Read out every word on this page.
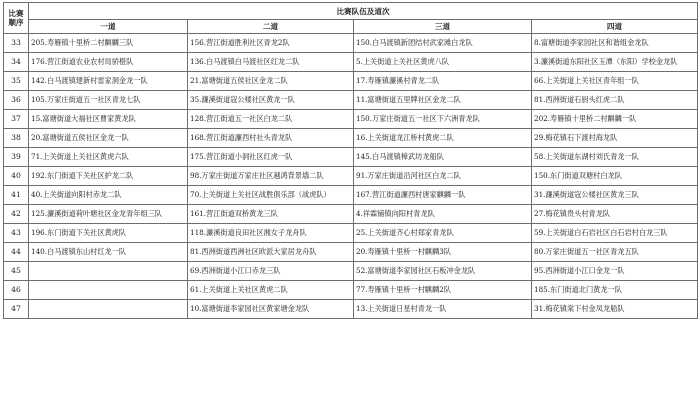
比赛顺序	比赛队伍及道次			
	一道	二道	三道	四道
33	205.寿雁镇十里桥二村麒麟三队	156.营江街道胜利社区青龙2队	150.白马渡镇新团结村武家滩白龙队	8.富塘街道李家园社区和谐组金龙队
34	176.营江街道农业农村局骄橙队	136.白马渡镇白马渡社区红龙二队	5.上关街道上关社区黄虎八队	3.濂溪街道东阳社区玉潭（东阳）学校金龙队
35	142.白马渡镇建新村雷家洞金龙一队	21.富塘街道五侯社区金龙二队	17.寿雁镇濂溪村青龙二队	66.上关街道上关社区青年组一队
36	105.万家庄街道五一社区青龙七队	35.濂溪街道寇公楼社区黄龙一队	11.富塘街道五里牌社区金龙二队	81.西洲街道石厨头红虎二队
37	15.富塘街道大福社区曹家黄龙队	128.营江街道五一社区白龙二队	150.万家庄街道五一社区下六洲青龙队	202.寿雁镇十里桥二村麒麟一队
38	20.富塘街道五侯社区金龙一队	168.营江街道濂西村社头青龙队	16.上关街道龙江桥村黄虎二队	29.梅花镇石下渡村海龙队
39	71.上关街道上关社区黄虎六队	175.营江街道小洞社区红虎一队	145.白马渡镇樟武坊龙船队	58.上关街道东湖村刘氏青龙一队
40	192.东门街道下关社区护龙二队	98.万家庄街道万家庄社区越鸿背景墙二队	91.万家庄街道沿河社区白龙二队	150.东门街道双塘村白龙队
41	40.上关街道向阳村赤龙二队	70.上关街道上关社区战胜俱乐部（战虎队）	167.营江街道濂西村唐家麒麟一队	31.濂溪街道寇公楼社区黄龙三队
42	125.濂溪街道荷叶塘社区金龙青年组三队	161.营江街道双桥黄龙三队	4.祥霖铺镇向阳村青龙队	27.梅花镇贵头村青龙队
43	196.东门街道下关社区黄虎队	118.濂溪街道良田社区湘女子龙舟队	25.上关街道齐心村郑家青龙队	59.上关街道白石岩社区白石岩村白龙三队
44	140.白马渡镇东山村红龙一队	81.西洲街道西洲社区欧派大家居龙舟队	20.寿雁镇十里桥一村麒麟3队	80.万家庄街道五一社区青龙五队
45		69.西洲街道小江口赤龙三队	52.富塘街道李家园社区石板冲金龙队	95.西洲街道小江口金龙一队
46		61.上关街道上关社区黄虎二队	77.寿雁镇十里桥一村麒麟2队	185.东门街道北门黄龙一队
47		10.富塘街道李家园社区黄家塘金龙队	13.上关街道日星村青龙一队	31.梅花镇棠下村金凤龙船队
